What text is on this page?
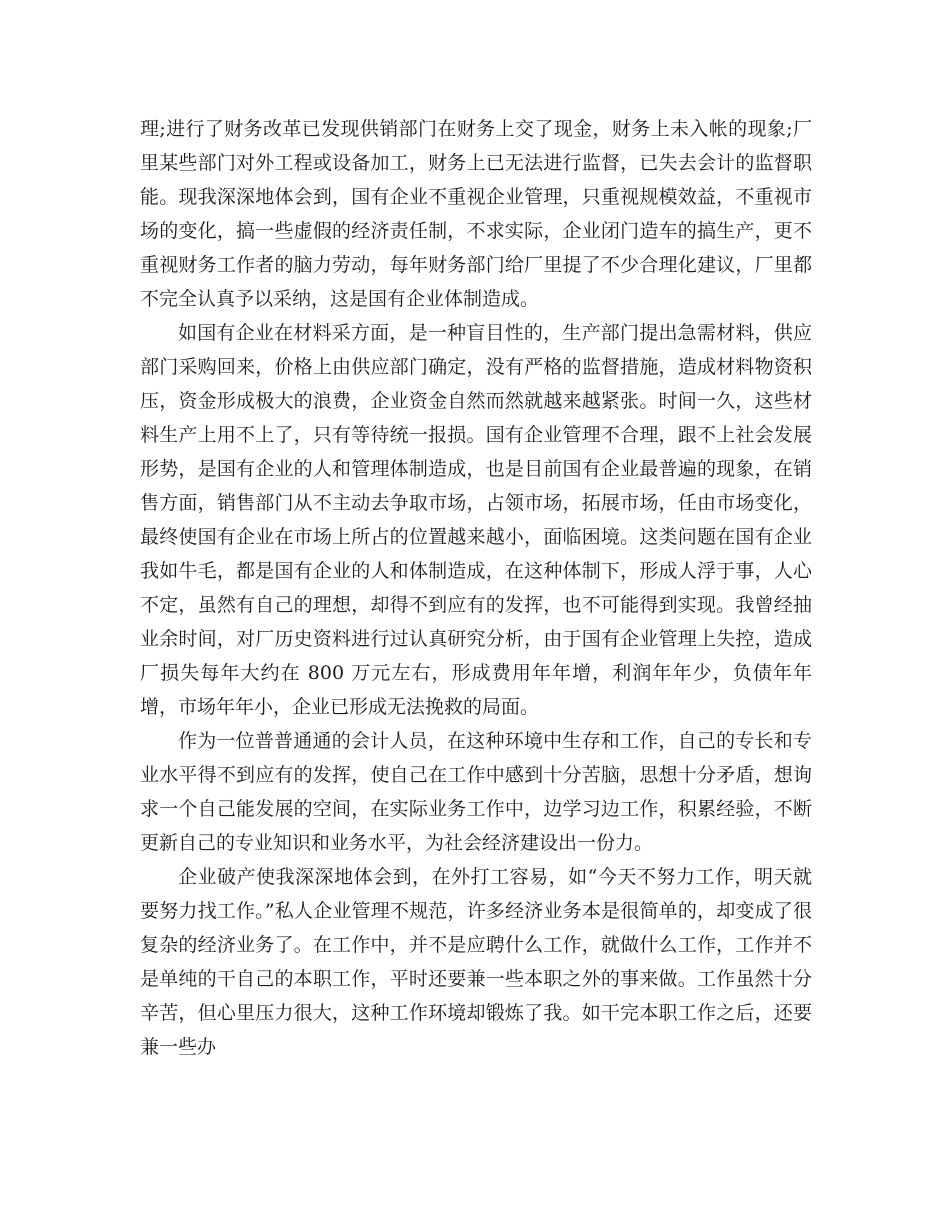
理;进行了财务改革已发现供销部门在财务上交了现金，财务上未入帐的现象;厂里某些部门对外工程或设备加工，财务上已无法进行监督，已失去会计的监督职能。现我深深地体会到，国有企业不重视企业管理，只重视规模效益，不重视市场的变化，搞一些虚假的经济责任制，不求实际，企业闭门造车的搞生产，更不重视财务工作者的脑力劳动，每年财务部门给厂里提了不少合理化建议，厂里都不完全认真予以采纳，这是国有企业体制造成。

如国有企业在材料采方面，是一种盲目性的，生产部门提出急需材料，供应部门采购回来，价格上由供应部门确定，没有严格的监督措施，造成材料物资积压，资金形成极大的浪费，企业资金自然而然就越来越紧张。时间一久，这些材料生产上用不上了，只有等待统一报损。国有企业管理不合理，跟不上社会发展形势，是国有企业的人和管理体制造成，也是目前国有企业最普遍的现象，在销售方面，销售部门从不主动去争取市场，占领市场，拓展市场，任由市场变化，最终使国有企业在市场上所占的位置越来越小，面临困境。这类问题在国有企业我如牛毛，都是国有企业的人和体制造成，在这种体制下，形成人浮于事，人心不定，虽然有自己的理想，却得不到应有的发挥，也不可能得到实现。我曾经抽业余时间，对厂历史资料进行过认真研究分析，由于国有企业管理上失控，造成厂损失每年大约在 800 万元左右，形成费用年年增，利润年年少，负债年年增，市场年年小，企业已形成无法挽救的局面。

作为一位普普通通的会计人员，在这种环境中生存和工作，自己的专长和专业水平得不到应有的发挥，使自己在工作中感到十分苦脑，思想十分矛盾，想询求一个自己能发展的空间，在实际业务工作中，边学习边工作，积累经验，不断更新自己的专业知识和业务水平，为社会经济建设出一份力。

企业破产使我深深地体会到，在外打工容易，如“今天不努力工作，明天就要努力找工作。”私人企业管理不规范，许多经济业务本是很简单的，却变成了很复杂的经济业务了。在工作中，并不是应聘什么工作，就做什么工作，工作并不是单纯的干自己的本职工作，平时还要兼一些本职之外的事来做。工作虽然十分辛苦，但心里压力很大，这种工作环境却锻炼了我。如干完本职工作之后，还要兼一些办
